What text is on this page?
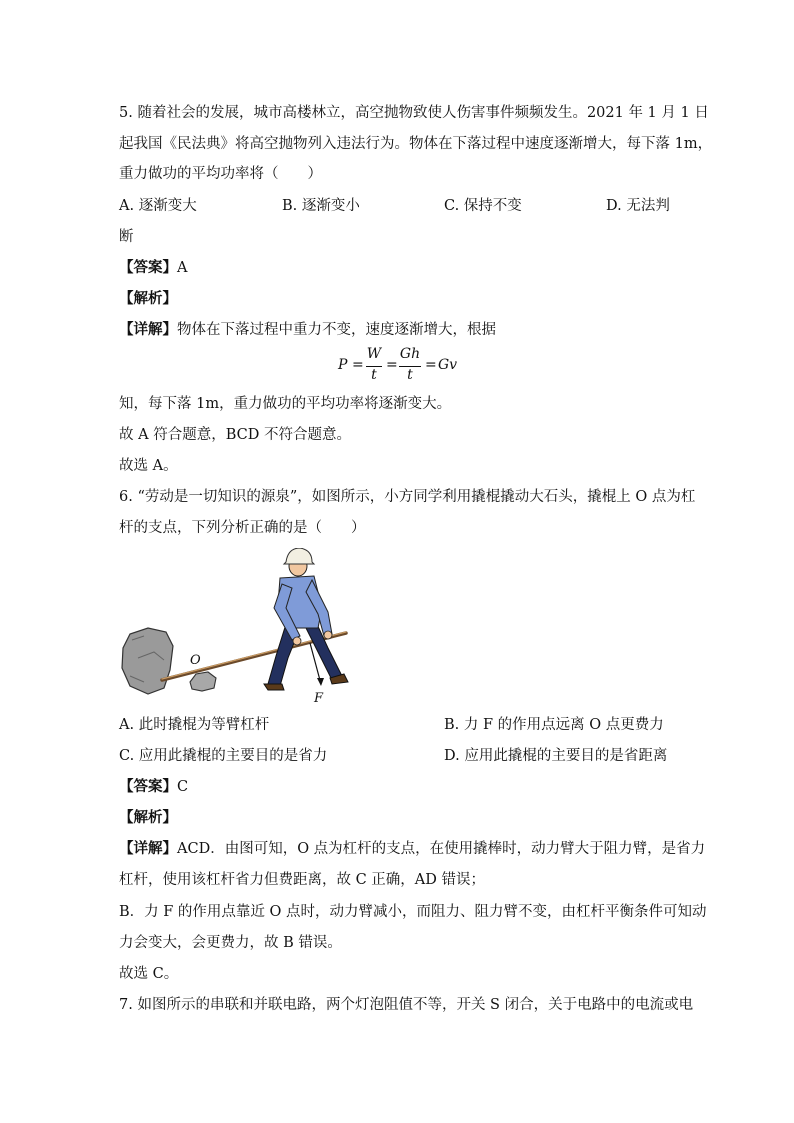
5. 随着社会的发展，城市高楼林立，高空抛物致使人伤害事件频频发生。2021 年 1 月 1 日
起我国《民法典》将高空抛物列入违法行为。物体在下落过程中速度逐渐增大，每下落 1m，
重力做功的平均功率将（　　）
A. 逐渐变大	B. 逐渐变小	C. 保持不变	D. 无法判
断
【答案】A
【解析】
【详解】物体在下落过程中重力不变，速度逐渐增大，根据
P =
W
t
=
Gh
t
= Gv
知，每下落 1m，重力做功的平均功率将逐渐变大。
故 A 符合题意，BCD 不符合题意。
故选 A。
6. “劳动是一切知识的源泉”，如图所示，小方同学利用撬棍撬动大石头，撬棍上 O 点为杠
杆的支点，下列分析正确的是（　　）
O
F
A. 此时撬棍为等臂杠杆	B. 力 F 的作用点远离 O 点更费力
C. 应用此撬棍的主要目的是省力	D. 应用此撬棍的主要目的是省距离
【答案】C
【解析】
【详解】ACD．由图可知，O 点为杠杆的支点，在使用撬棒时，动力臂大于阻力臂，是省力
杠杆，使用该杠杆省力但费距离，故 C 正确，AD 错误；
B．力 F 的作用点靠近 O 点时，动力臂减小，而阻力、阻力臂不变，由杠杆平衡条件可知动
力会变大，会更费力，故 B 错误。
故选 C。
7. 如图所示的串联和并联电路，两个灯泡阻值不等，开关 S 闭合，关于电路中的电流或电
